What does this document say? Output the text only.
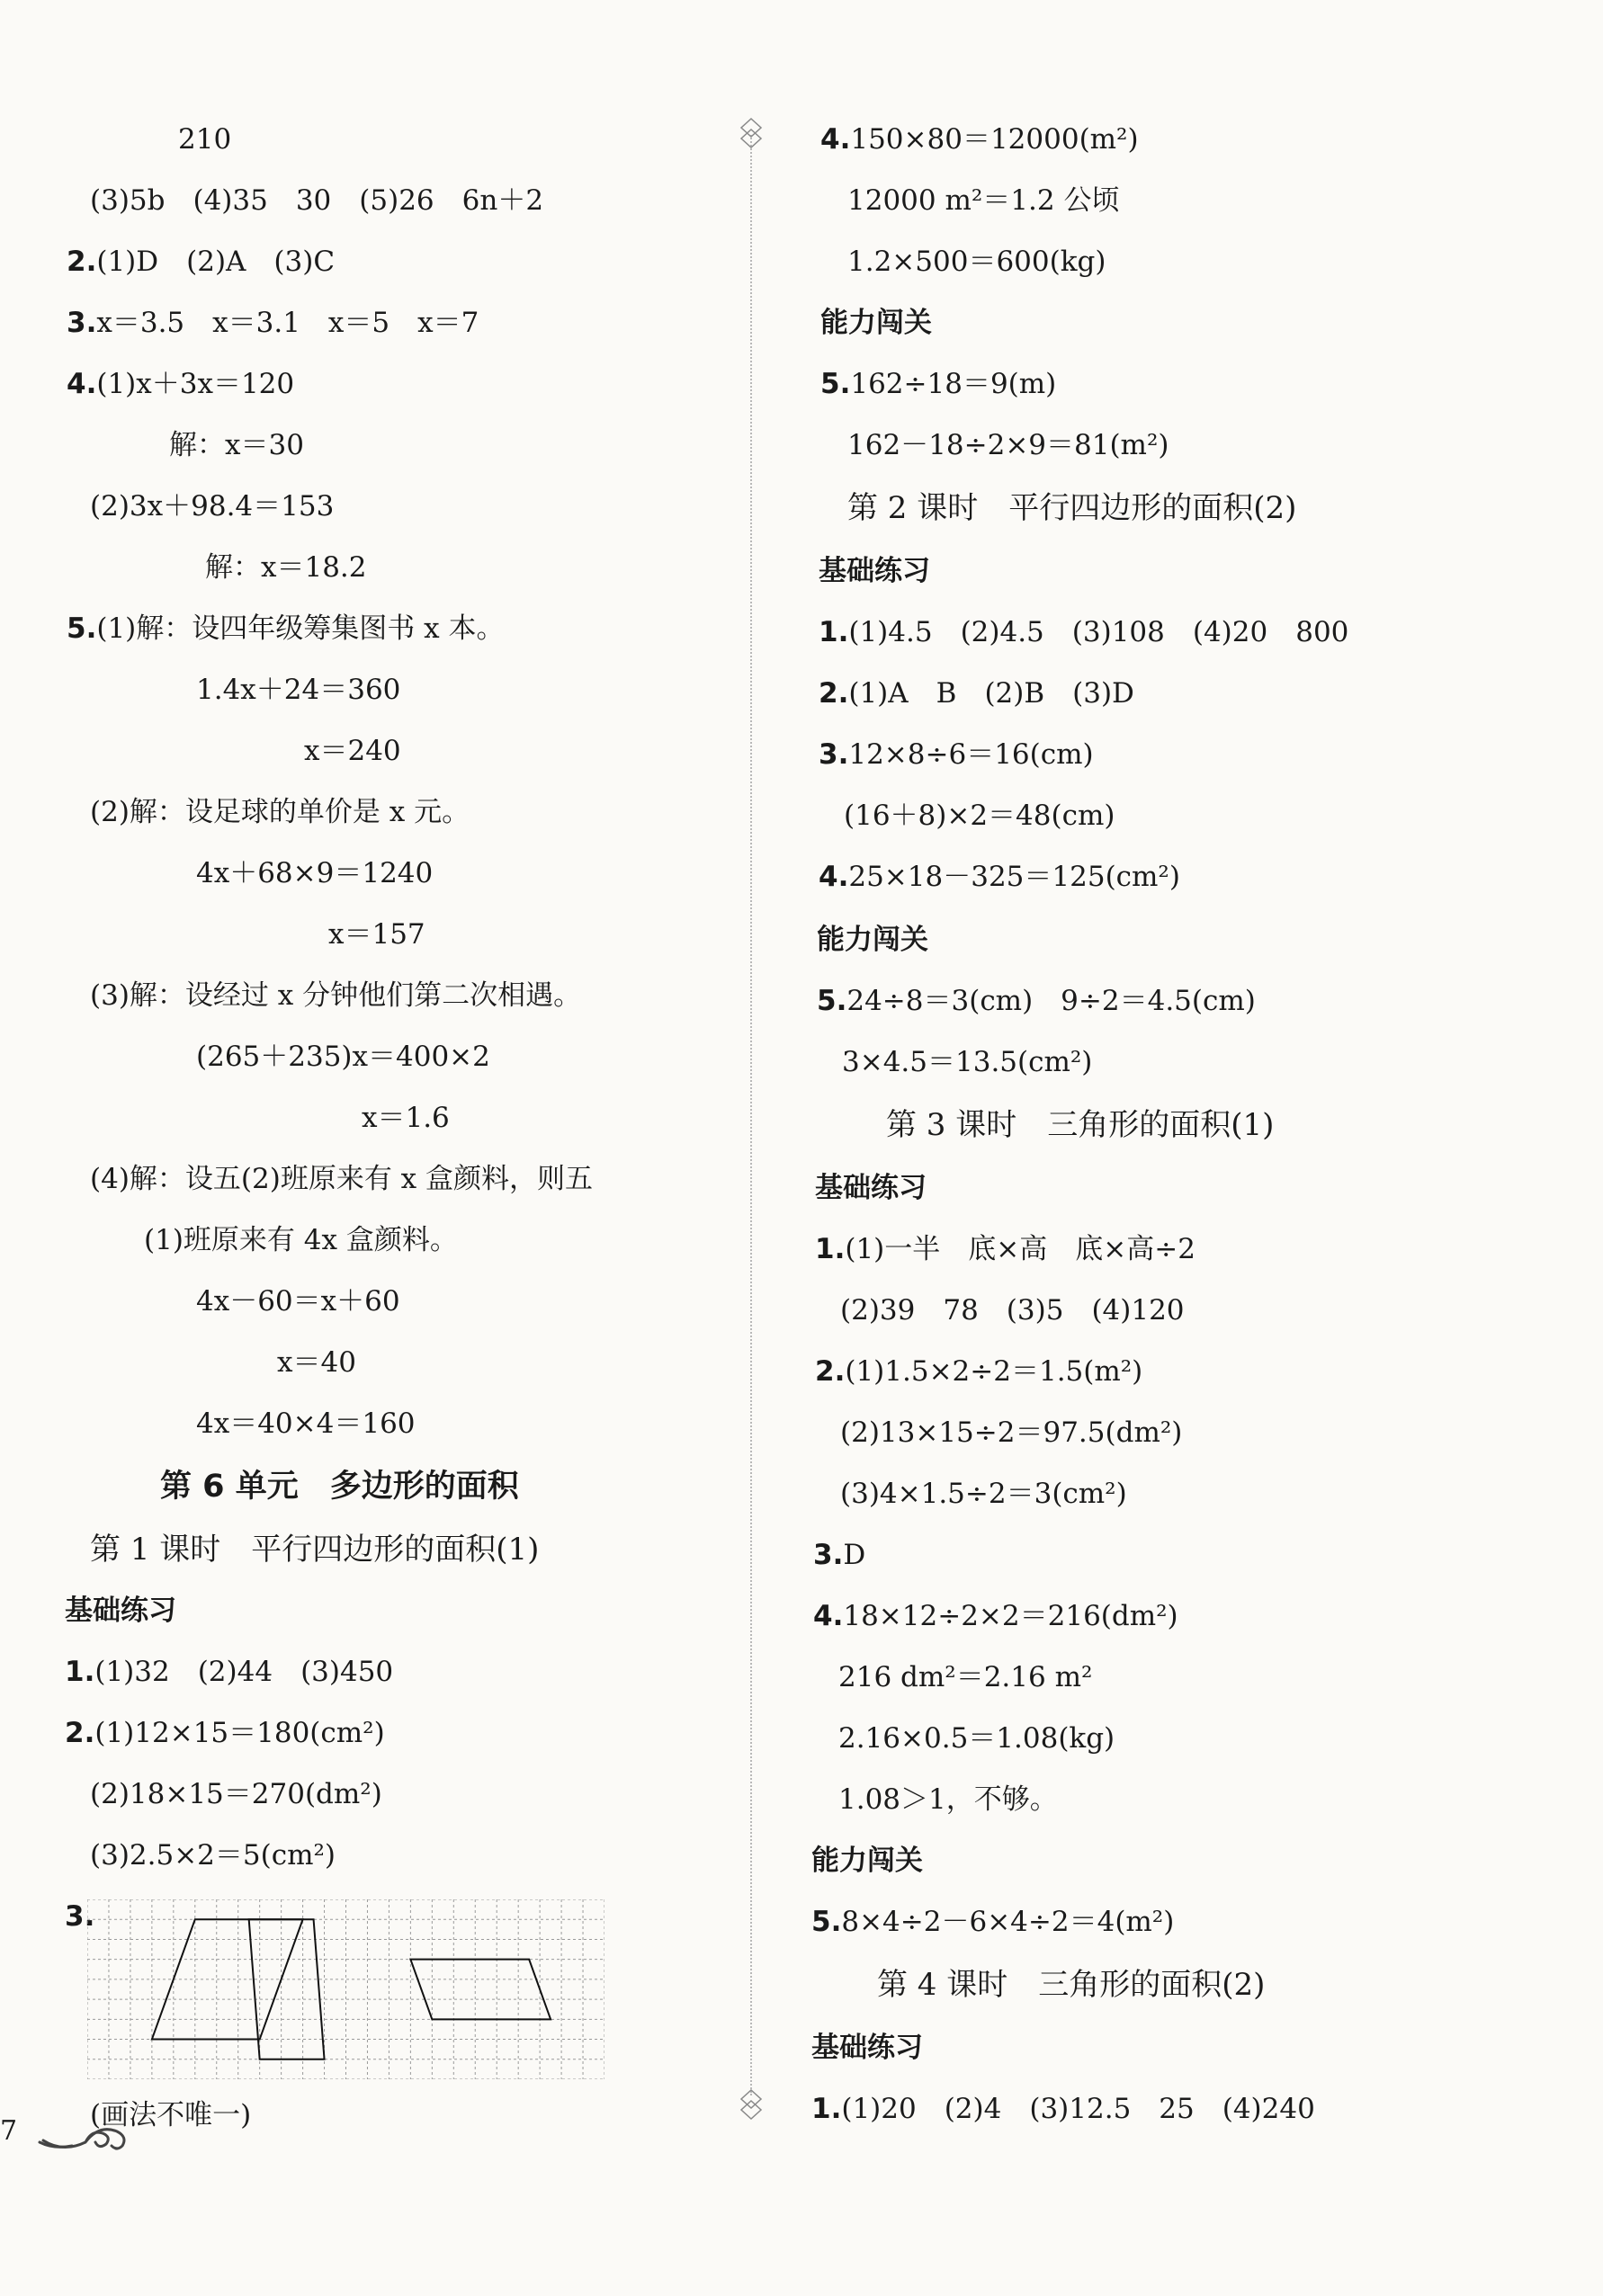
210
(3)5b　(4)35　30　(5)26　6n＋2
2.(1)D　(2)A　(3)C
3.x＝3.5　x＝3.1　x＝5　x＝7
4.(1)x＋3x＝120
解：x＝30
(2)3x＋98.4＝153
解：x＝18.2
5.(1)解：设四年级筹集图书 x 本。
1.4x＋24＝360
x＝240
(2)解：设足球的单价是 x 元。
4x＋68×9＝1240
x＝157
(3)解：设经过 x 分钟他们第二次相遇。
(265＋235)x＝400×2
x＝1.6
(4)解：设五(2)班原来有 x 盒颜料，则五
(1)班原来有 4x 盒颜料。
4x－60＝x＋60
x＝40
4x＝40×4＝160
第 6 单元　多边形的面积
第 1 课时　平行四边形的面积(1)
基础练习
1.(1)32　(2)44　(3)450
2.(1)12×15＝180(cm²)
(2)18×15＝270(dm²)
(3)2.5×2＝5(cm²)
3.
(画法不唯一)
4.150×80＝12000(m²)
12000 m²＝1.2 公顷
1.2×500＝600(kg)
能力闯关
5.162÷18＝9(m)
162－18÷2×9＝81(m²)
第 2 课时　平行四边形的面积(2)
基础练习
1.(1)4.5　(2)4.5　(3)108　(4)20　800
2.(1)A　B　(2)B　(3)D
3.12×8÷6＝16(cm)
(16＋8)×2＝48(cm)
4.25×18－325＝125(cm²)
能力闯关
5.24÷8＝3(cm)　9÷2＝4.5(cm)
3×4.5＝13.5(cm²)
第 3 课时　三角形的面积(1)
基础练习
1.(1)一半　底×高　底×高÷2
(2)39　78　(3)5　(4)120
2.(1)1.5×2÷2＝1.5(m²)
(2)13×15÷2＝97.5(dm²)
(3)4×1.5÷2＝3(cm²)
3.D
4.18×12÷2×2＝216(dm²)
216 dm²＝2.16 m²
2.16×0.5＝1.08(kg)
1.08＞1，不够。
能力闯关
5.8×4÷2－6×4÷2＝4(m²)
第 4 课时　三角形的面积(2)
基础练习
1.(1)20　(2)4　(3)12.5　25　(4)240
7
